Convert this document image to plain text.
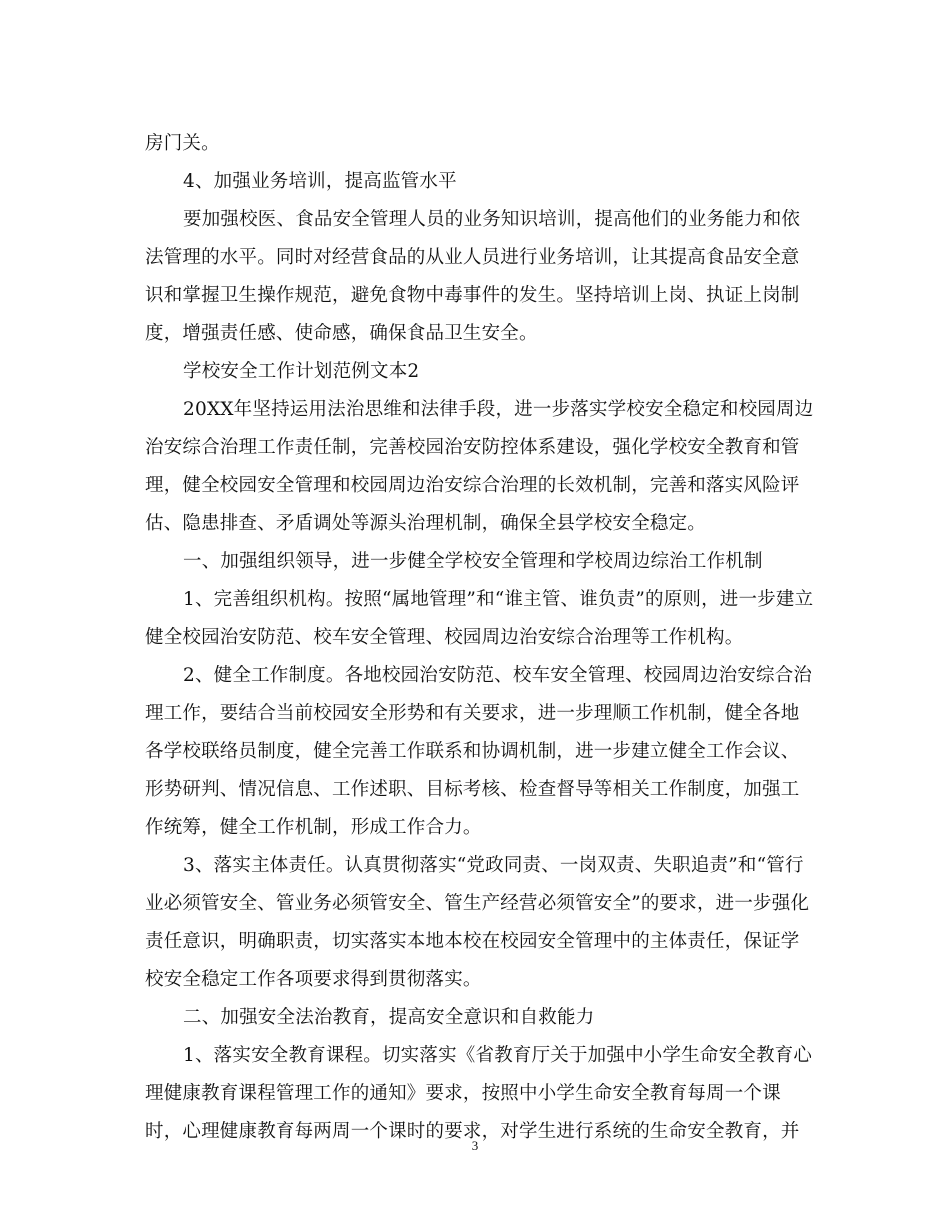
房门关。
4、加强业务培训，提高监管水平
要加强校医、食品安全管理人员的业务知识培训，提高他们的业务能力和依
法管理的水平。同时对经营食品的从业人员进行业务培训，让其提高食品安全意
识和掌握卫生操作规范，避免食物中毒事件的发生。坚持培训上岗、执证上岗制
度，增强责任感、使命感，确保食品卫生安全。
学校安全工作计划范例文本2
20XX年坚持运用法治思维和法律手段，进一步落实学校安全稳定和校园周边
治安综合治理工作责任制，完善校园治安防控体系建设，强化学校安全教育和管
理，健全校园安全管理和校园周边治安综合治理的长效机制，完善和落实风险评
估、隐患排查、矛盾调处等源头治理机制，确保全县学校安全稳定。
一、加强组织领导，进一步健全学校安全管理和学校周边综治工作机制
1、完善组织机构。按照“属地管理”和“谁主管、谁负责”的原则，进一步建立
健全校园治安防范、校车安全管理、校园周边治安综合治理等工作机构。
2、健全工作制度。各地校园治安防范、校车安全管理、校园周边治安综合治
理工作，要结合当前校园安全形势和有关要求，进一步理顺工作机制，健全各地
各学校联络员制度，健全完善工作联系和协调机制，进一步建立健全工作会议、
形势研判、情况信息、工作述职、目标考核、检查督导等相关工作制度，加强工
作统筹，健全工作机制，形成工作合力。
3、落实主体责任。认真贯彻落实“党政同责、一岗双责、失职追责”和“管行
业必须管安全、管业务必须管安全、管生产经营必须管安全”的要求，进一步强化
责任意识，明确职责，切实落实本地本校在校园安全管理中的主体责任，保证学
校安全稳定工作各项要求得到贯彻落实。
二、加强安全法治教育，提高安全意识和自救能力
1、落实安全教育课程。切实落实《省教育厅关于加强中小学生命安全教育心
理健康教育课程管理工作的通知》要求，按照中小学生命安全教育每周一个课
时，心理健康教育每两周一个课时的要求，对学生进行系统的生命安全教育，并
3
